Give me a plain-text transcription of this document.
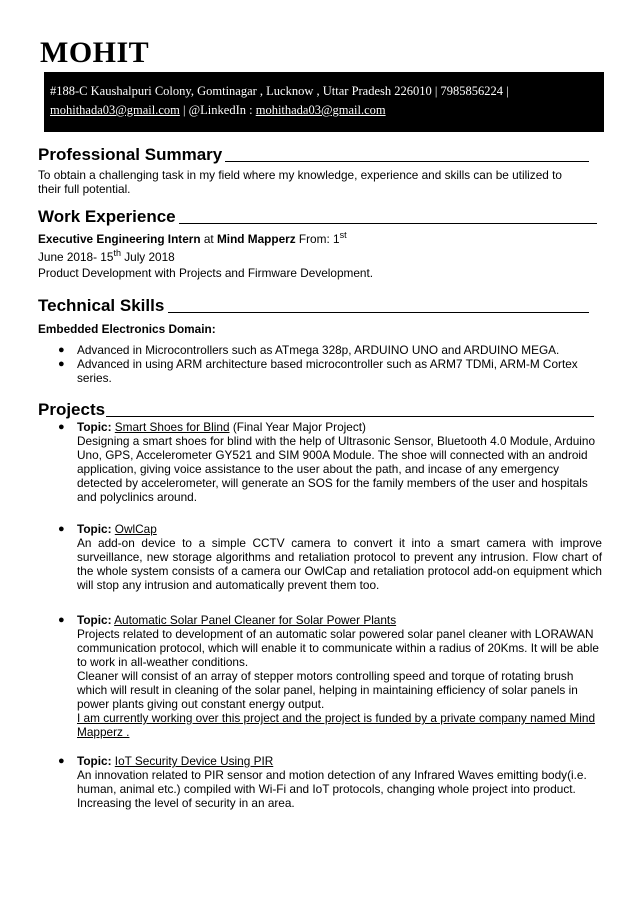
MOHIT
#188-C Kaushalpuri Colony, Gomtinagar , Lucknow , Uttar Pradesh 226010 | 7985856224 |
mohithada03@gmail.com | @LinkedIn : mohithada03@gmail.com
Professional Summary
To obtain a challenging task in my field where my knowledge, experience and skills can be utilized to their full potential.
Work Experience
Executive Engineering Intern at Mind Mapperz From: 1st
June 2018- 15th July 2018
Product Development with Projects and Firmware Development.
Technical Skills
Embedded Electronics Domain:
● Advanced in Microcontrollers such as ATmega 328p, ARDUINO UNO and ARDUINO MEGA.
● Advanced in using ARM architecture based microcontroller such as ARM7 TDMi, ARM-M Cortex series.
Projects
● Topic: Smart Shoes for Blind (Final Year Major Project)
Designing a smart shoes for blind with the help of Ultrasonic Sensor, Bluetooth 4.0 Module, Arduino Uno, GPS, Accelerometer GY521 and SIM 900A Module. The shoe will connected with an android application, giving voice assistance to the user about the path, and incase of any emergency detected by accelerometer, will generate an SOS for the family members of the user and hospitals and polyclinics around.
● Topic: OwlCap
An add-on device to a simple CCTV camera to convert it into a smart camera with improve surveillance, new storage algorithms and retaliation protocol to prevent any intrusion. Flow chart of the whole system consists of a camera our OwlCap and retaliation protocol add-on equipment which will stop any intrusion and automatically prevent them too.
● Topic: Automatic Solar Panel Cleaner for Solar Power Plants
Projects related to development of an automatic solar powered solar panel cleaner with LORAWAN communication protocol, which will enable it to communicate within a radius of 20Kms. It will be able to work in all-weather conditions.
Cleaner will consist of an array of stepper motors controlling speed and torque of rotating brush which will result in cleaning of the solar panel, helping in maintaining efficiency of solar panels in power plants giving out constant energy output.
I am currently working over this project and the project is funded by a private company named Mind Mapperz .
● Topic: IoT Security Device Using PIR
An innovation related to PIR sensor and motion detection of any Infrared Waves emitting body(i.e. human, animal etc.) compiled with Wi-Fi and IoT protocols, changing whole project into product. Increasing the level of security in an area.
